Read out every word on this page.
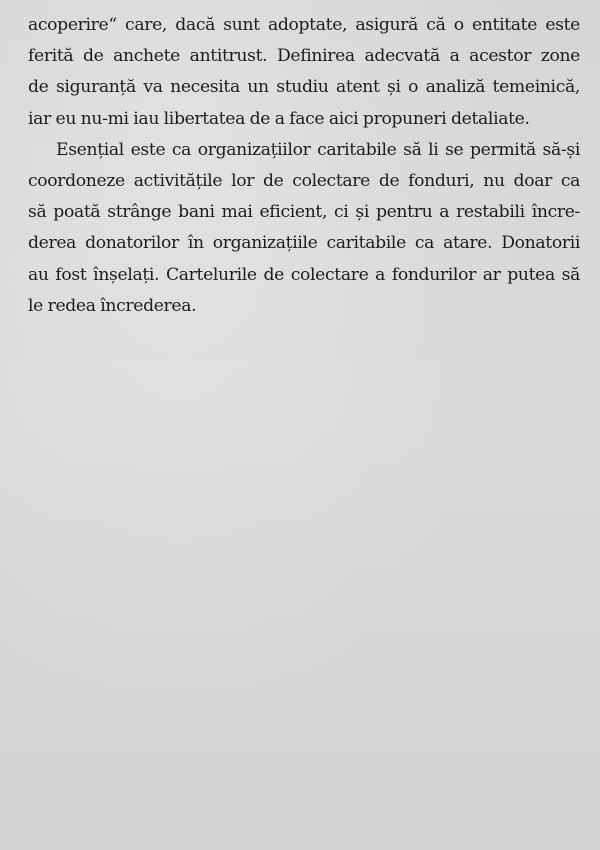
acoperire“ care, dacă sunt adoptate, asigură că o entitate este
ferită de anchete antitrust. Definirea adecvată a acestor zone
de siguranță va necesita un studiu atent și o analiză temeinică,
iar eu nu-mi iau libertatea de a face aici propuneri detaliate.
Esențial este ca organizațiilor caritabile să li se permită să-și
coordoneze activitățile lor de colectare de fonduri, nu doar ca
să poată strânge bani mai eficient, ci și pentru a restabili încre-
derea donatorilor în organizațiile caritabile ca atare. Donatorii
au fost înșelați. Cartelurile de colectare a fondurilor ar putea să
le redea încrederea.
